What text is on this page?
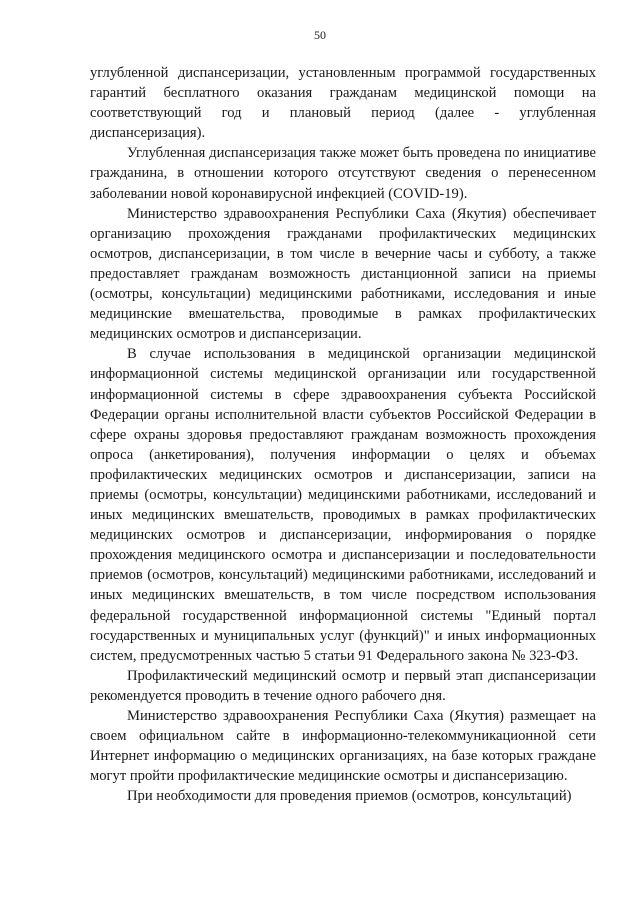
50

углубленной диспансеризации, установленным программой государственных гарантий бесплатного оказания гражданам медицинской помощи на соответствующий год и плановый период (далее - углубленная диспансеризация).

Углубленная диспансеризация также может быть проведена по инициативе гражданина, в отношении которого отсутствуют сведения о перенесенном заболевании новой коронавирусной инфекцией (COVID-19).

Министерство здравоохранения Республики Саха (Якутия) обеспечивает организацию прохождения гражданами профилактических медицинских осмотров, диспансеризации, в том числе в вечерние часы и субботу, а также предоставляет гражданам возможность дистанционной записи на приемы (осмотры, консультации) медицинскими работниками, исследования и иные медицинские вмешательства, проводимые в рамках профилактических медицинских осмотров и диспансеризации.

В случае использования в медицинской организации медицинской информационной системы медицинской организации или государственной информационной системы в сфере здравоохранения субъекта Российской Федерации органы исполнительной власти субъектов Российской Федерации в сфере охраны здоровья предоставляют гражданам возможность прохождения опроса (анкетирования), получения информации о целях и объемах профилактических медицинских осмотров и диспансеризации, записи на приемы (осмотры, консультации) медицинскими работниками, исследований и иных медицинских вмешательств, проводимых в рамках профилактических медицинских осмотров и диспансеризации, информирования о порядке прохождения медицинского осмотра и диспансеризации и последовательности приемов (осмотров, консультаций) медицинскими работниками, исследований и иных медицинских вмешательств, в том числе посредством использования федеральной государственной информационной системы "Единый портал государственных и муниципальных услуг (функций)" и иных информационных систем, предусмотренных частью 5 статьи 91 Федерального закона № 323-ФЗ.

Профилактический медицинский осмотр и первый этап диспансеризации рекомендуется проводить в течение одного рабочего дня.

Министерство здравоохранения Республики Саха (Якутия) размещает на своем официальном сайте в информационно-телекоммуникационной сети Интернет информацию о медицинских организациях, на базе которых граждане могут пройти профилактические медицинские осмотры и диспансеризацию.

При необходимости для проведения приемов (осмотров, консультаций)
